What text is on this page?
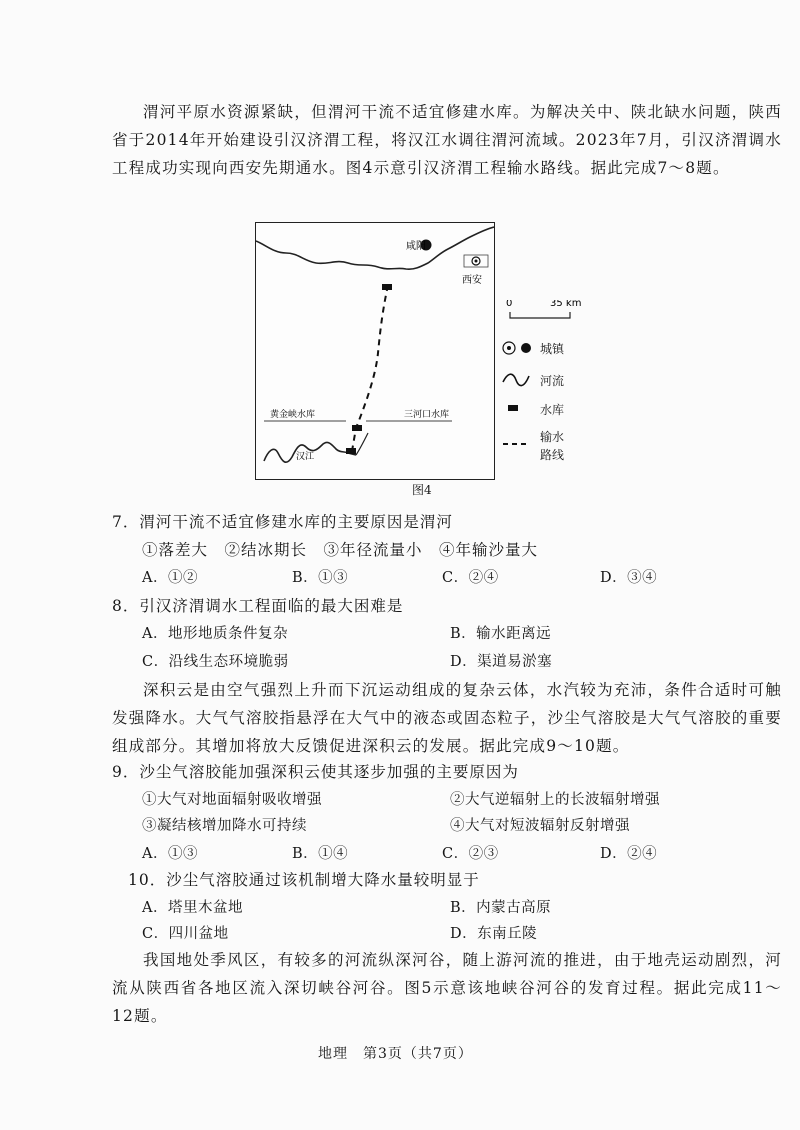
渭河平原水资源紧缺，但渭河干流不适宜修建水库。为解决关中、陕北缺水问题，陕西省于2014年开始建设引汉济渭工程，将汉江水调往渭河流域。2023年7月，引汉济渭调水工程成功实现向西安先期通水。图4示意引汉济渭工程输水路线。据此完成7～8题。

咸阳
西安
黄金峡水库	三河口水库
汉江
0	35 km
城镇
河流
水库
输水
路线
图4

7．渭河干流不适宜修建水库的主要原因是渭河

①落差大　②结冰期长　③年径流量小　④年输沙量大

A．①②	B．①③	C．②④	D．③④

8．引汉济渭调水工程面临的最大困难是

A．地形地质条件复杂	B．输水距离远
C．沿线生态环境脆弱	D．渠道易淤塞

深积云是由空气强烈上升而下沉运动组成的复杂云体，水汽较为充沛，条件合适时可触发强降水。大气气溶胶指悬浮在大气中的液态或固态粒子，沙尘气溶胶是大气气溶胶的重要组成部分。其增加将放大反馈促进深积云的发展。据此完成9～10题。

9．沙尘气溶胶能加强深积云使其逐步加强的主要原因为

①大气对地面辐射吸收增强	②大气逆辐射上的长波辐射增强
③凝结核增加降水可持续	④大气对短波辐射反射增强
A．①③	B．①④	C．②③	D．②④

10．沙尘气溶胶通过该机制增大降水量较明显于

A．塔里木盆地	B．内蒙古高原
C．四川盆地	D．东南丘陵

我国地处季风区，有较多的河流纵深河谷，随上游河流的推进，由于地壳运动剧烈，河流从陕西省各地区流入深切峡谷河谷。图5示意该地峡谷河谷的发育过程。据此完成11～12题。

地理　第3页（共7页）
